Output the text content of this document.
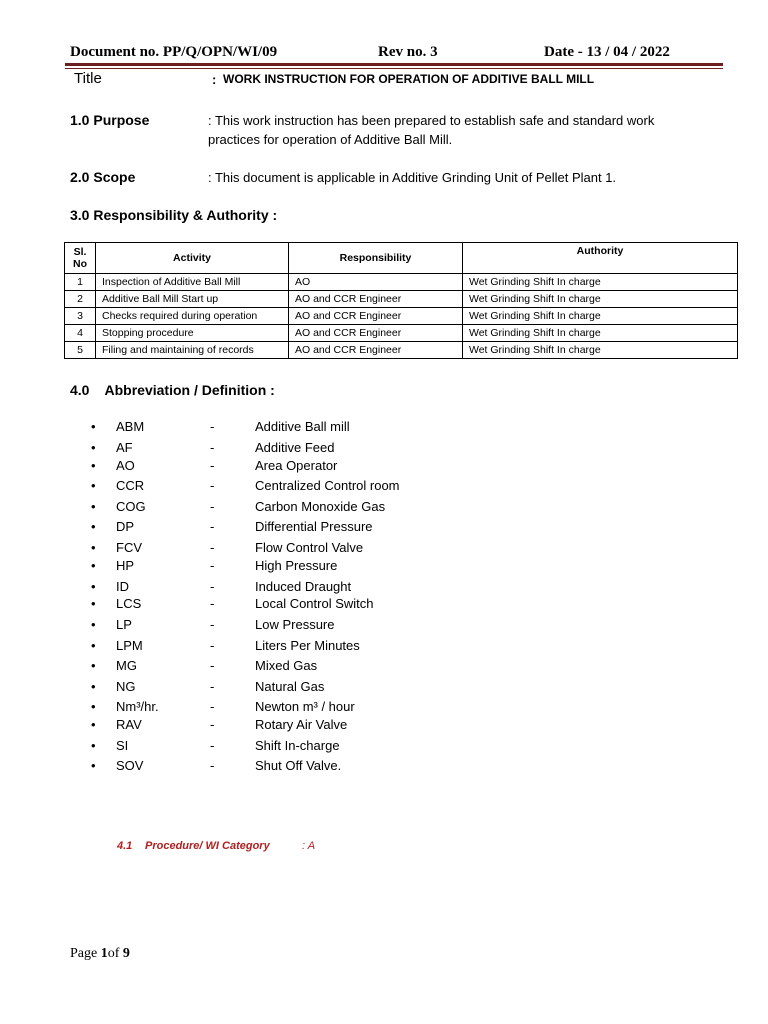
Document no. PP/Q/OPN/WI/09	Rev no. 3	Date - 13 / 04 / 2022
Title	: WORK INSTRUCTION FOR OPERATION OF ADDITIVE BALL MILL
1.0 Purpose	: This work instruction has been prepared to establish safe and standard work
practices for operation of Additive Ball Mill.
2.0 Scope	: This document is applicable in Additive Grinding Unit of Pellet Plant 1.
3.0 Responsibility & Authority :
Sl.
No	Activity	Responsibility	Authority
1	Inspection of Additive Ball Mill	AO	Wet Grinding Shift In charge
2	Additive Ball Mill Start up	AO and CCR Engineer	Wet Grinding Shift In charge
3	Checks required during operation	AO and CCR Engineer	Wet Grinding Shift In charge
4	Stopping procedure	AO and CCR Engineer	Wet Grinding Shift In charge
5	Filing and maintaining of records	AO and CCR Engineer	Wet Grinding Shift In charge
4.0    Abbreviation / Definition :
• ABM	-	Additive Ball mill
• AF	-	Additive Feed
• AO	-	Area Operator
• CCR	-	Centralized Control room
• COG	-	Carbon Monoxide Gas
• DP	-	Differential Pressure
• FCV	-	Flow Control Valve
• HP	-	High Pressure
• ID	-	Induced Draught
• LCS	-	Local Control Switch
• LP	-	Low Pressure
• LPM	-	Liters Per Minutes
• MG	-	Mixed Gas
• NG	-	Natural Gas
• Nm³/hr.	-	Newton m³ / hour
• RAV	-	Rotary Air Valve
• SI	-	Shift In-charge
• SOV	-	Shut Off Valve.
4.1 Procedure/ WI Category	: A
Page 1of 9
